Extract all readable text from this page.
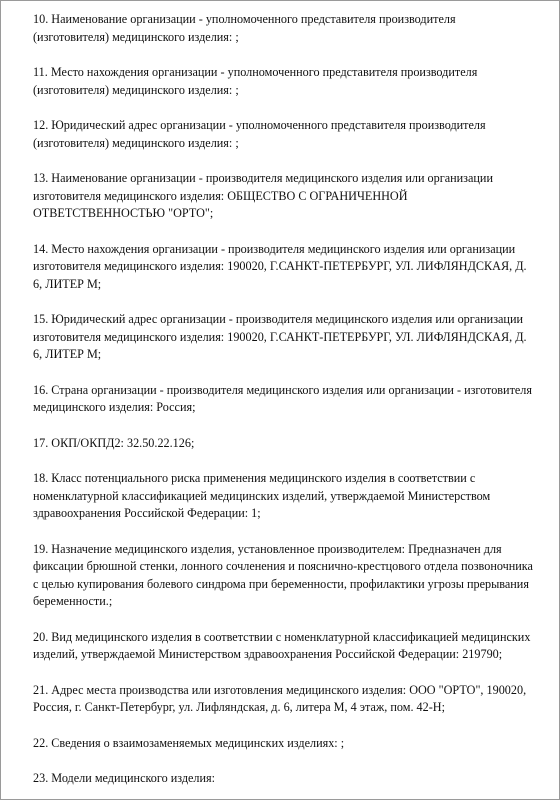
10. Наименование организации - уполномоченного представителя производителя (изготовителя) медицинского изделия: ;

11. Место нахождения организации - уполномоченного представителя производителя (изготовителя) медицинского изделия: ;

12. Юридический адрес организации - уполномоченного представителя производителя (изготовителя) медицинского изделия: ;

13. Наименование организации - производителя медицинского изделия или организации изготовителя медицинского изделия: ОБЩЕСТВО С ОГРАНИЧЕННОЙ ОТВЕТСТВЕННОСТЬЮ "ОРТО";

14. Место нахождения организации - производителя медицинского изделия или организации изготовителя медицинского изделия: 190020, Г.САНКТ-ПЕТЕРБУРГ, УЛ. ЛИФЛЯНДСКАЯ, Д. 6, ЛИТЕР М;

15. Юридический адрес организации - производителя медицинского изделия или организации изготовителя медицинского изделия: 190020, Г.САНКТ-ПЕТЕРБУРГ, УЛ. ЛИФЛЯНДСКАЯ, Д. 6, ЛИТЕР М;

16. Страна организации - производителя медицинского изделия или организации - изготовителя медицинского изделия: Россия;

17. ОКП/ОКПД2: 32.50.22.126;

18. Класс потенциального риска применения медицинского изделия в соответствии с номенклатурной классификацией медицинских изделий, утверждаемой Министерством здравоохранения Российской Федерации: 1;

19. Назначение медицинского изделия, установленное производителем: Предназначен для фиксации брюшной стенки, лонного сочленения и пояснично-крестцового отдела позвоночника с целью купирования болевого синдрома при беременности, профилактики угрозы прерывания беременности.;

20. Вид медицинского изделия в соответствии с номенклатурной классификацией медицинских изделий, утверждаемой Министерством здравоохранения Российской Федерации: 219790;

21. Адрес места производства или изготовления медицинского изделия: ООО "ОРТО", 190020, Россия, г. Санкт-Петербург, ул. Лифляндская, д. 6, литера М, 4 этаж, пом. 42-Н;

22. Сведения о взаимозаменяемых медицинских изделиях: ;

23. Модели медицинского изделия:
